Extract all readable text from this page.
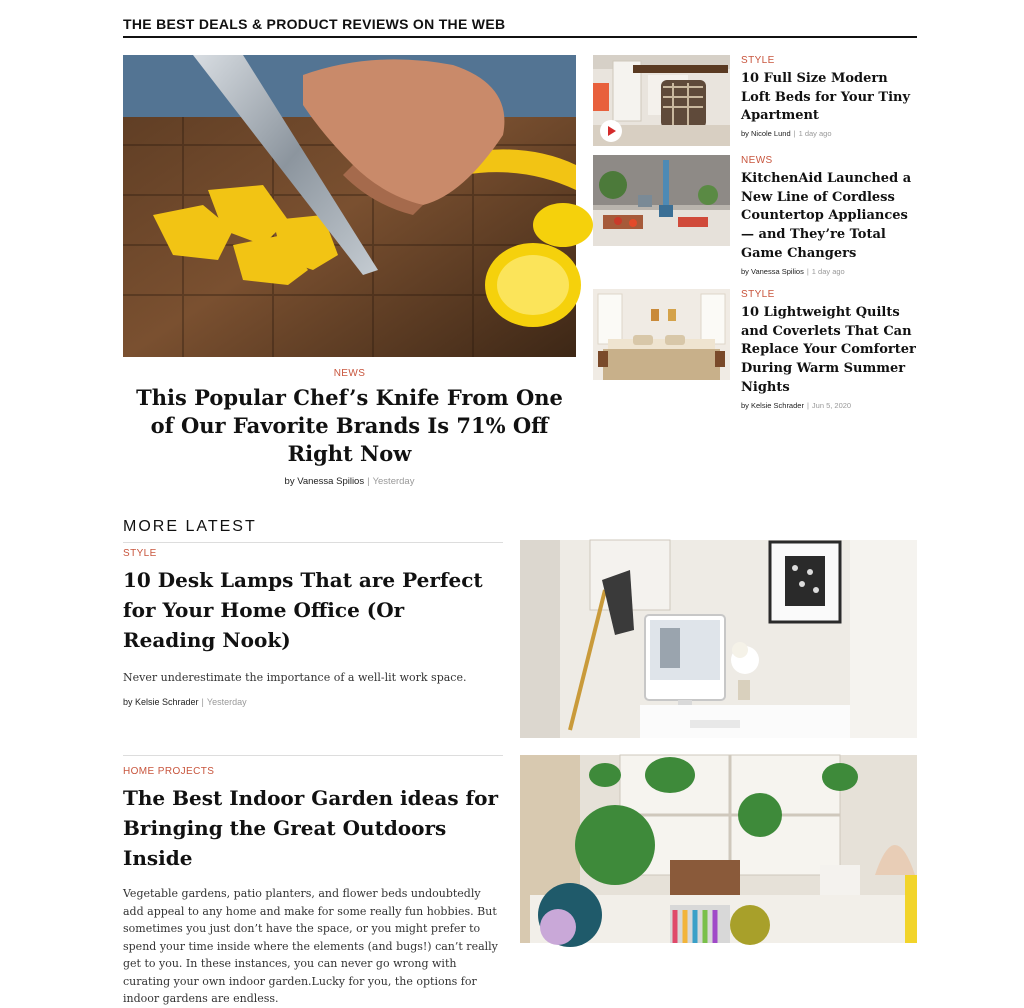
THE BEST DEALS & PRODUCT REVIEWS ON THE WEB
NEWS
This Popular Chef’s Knife From One of Our Favorite Brands Is 71% Off Right Now
by Vanessa Spilios | Yesterday
STYLE
10 Full Size Modern Loft Beds for Your Tiny Apartment
by Nicole Lund | 1 day ago
NEWS
KitchenAid Launched a New Line of Cordless Countertop Appliances — and They’re Total Game Changers
by Vanessa Spilios | 1 day ago
STYLE
10 Lightweight Quilts and Coverlets That Can Replace Your Comforter During Warm Summer Nights
by Kelsie Schrader | Jun 5, 2020
MORE LATEST
STYLE
10 Desk Lamps That are Perfect for Your Home Office (Or Reading Nook)

Never underestimate the importance of a well-lit work space.

by Kelsie Schrader | Yesterday
HOME PROJECTS
The Best Indoor Garden ideas for Bringing the Great Outdoors Inside

Vegetable gardens, patio planters, and flower beds undoubtedly add appeal to any home and make for some really fun hobbies. But sometimes you just don’t have the space, or you might prefer to spend your time inside where the elements (and bugs!) can’t really get to you. In these instances, you can never go wrong with curating your own indoor garden.Lucky for you, the options for indoor gardens are endless.
